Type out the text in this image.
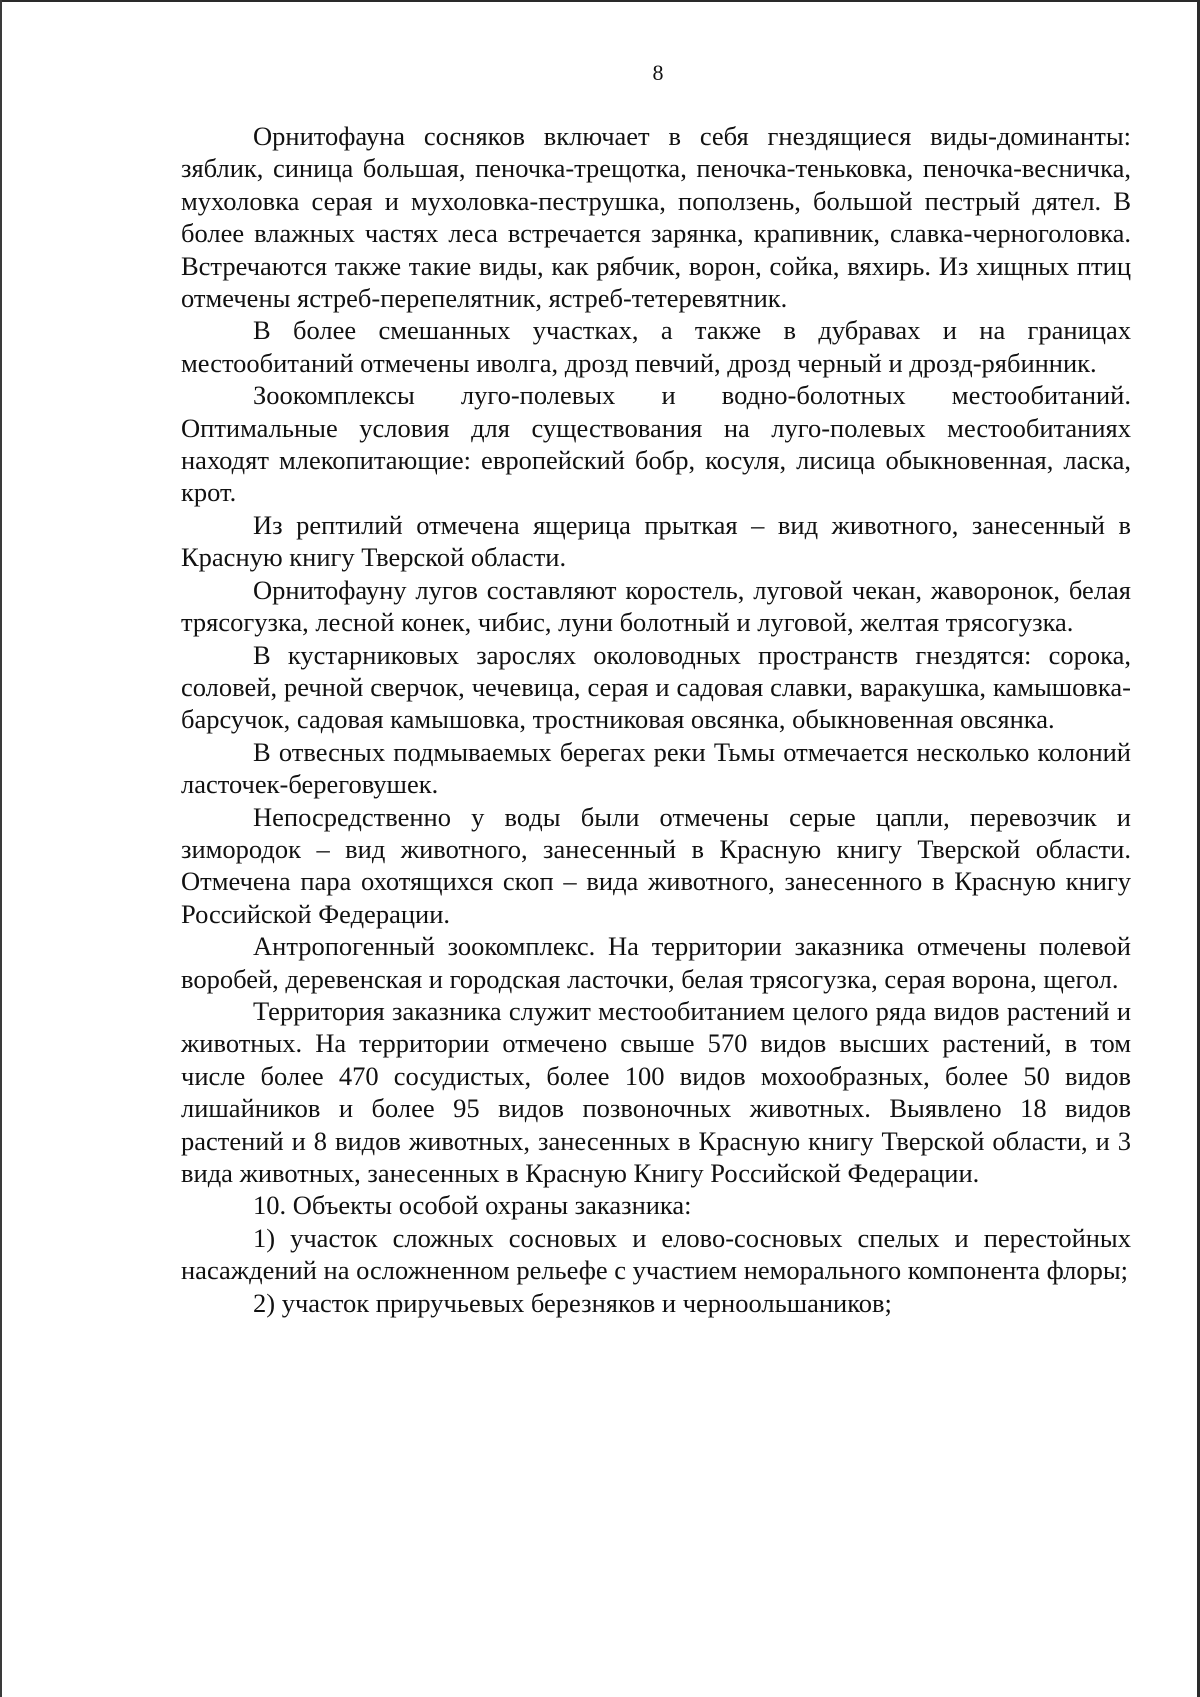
8

Орнитофауна сосняков включает в себя гнездящиеся виды-доминанты: зяблик, синица большая, пеночка-трещотка, пеночка-теньковка, пеночка-весничка, мухоловка серая и мухоловка-пеструшка, поползень, большой пестрый дятел. В более влажных частях леса встречается зарянка, крапивник, славка-черноголовка. Встречаются также такие виды, как рябчик, ворон, сойка, вяхирь. Из хищных птиц отмечены ястреб-перепелятник, ястреб-тетеревятник.

В более смешанных участках, а также в дубравах и на границах местообитаний отмечены иволга, дрозд певчий, дрозд черный и дрозд-рябинник.

Зоокомплексы луго-полевых и водно-болотных местообитаний. Оптимальные условия для существования на луго-полевых местообитаниях находят млекопитающие: европейский бобр, косуля, лисица обыкновенная, ласка, крот.

Из рептилий отмечена ящерица прыткая – вид животного, занесенный в Красную книгу Тверской области.

Орнитофауну лугов составляют коростель, луговой чекан, жаворонок, белая трясогузка, лесной конек, чибис, луни болотный и луговой, желтая трясогузка.

В кустарниковых зарослях околоводных пространств гнездятся: сорока, соловей, речной сверчок, чечевица, серая и садовая славки, варакушка, камышовка-барсучок, садовая камышовка, тростниковая овсянка, обыкновенная овсянка.

В отвесных подмываемых берегах реки Тьмы отмечается несколько колоний ласточек-береговушек.

Непосредственно у воды были отмечены серые цапли, перевозчик и зимородок – вид животного, занесенный в Красную книгу Тверской области. Отмечена пара охотящихся скоп – вида животного, занесенного в Красную книгу Российской Федерации.

Антропогенный зоокомплекс. На территории заказника отмечены полевой воробей, деревенская и городская ласточки, белая трясогузка, серая ворона, щегол.

Территория заказника служит местообитанием целого ряда видов растений и животных. На территории отмечено свыше 570 видов высших растений, в том числе более 470 сосудистых, более 100 видов мохообразных, более 50 видов лишайников и более 95 видов позвоночных животных. Выявлено 18 видов растений и 8 видов животных, занесенных в Красную книгу Тверской области, и 3 вида животных, занесенных в Красную Книгу Российской Федерации.

10. Объекты особой охраны заказника:

1) участок сложных сосновых и елово-сосновых спелых и перестойных насаждений на осложненном рельефе с участием неморального компонента флоры;

2) участок приручьевых березняков и черноольшаников;
